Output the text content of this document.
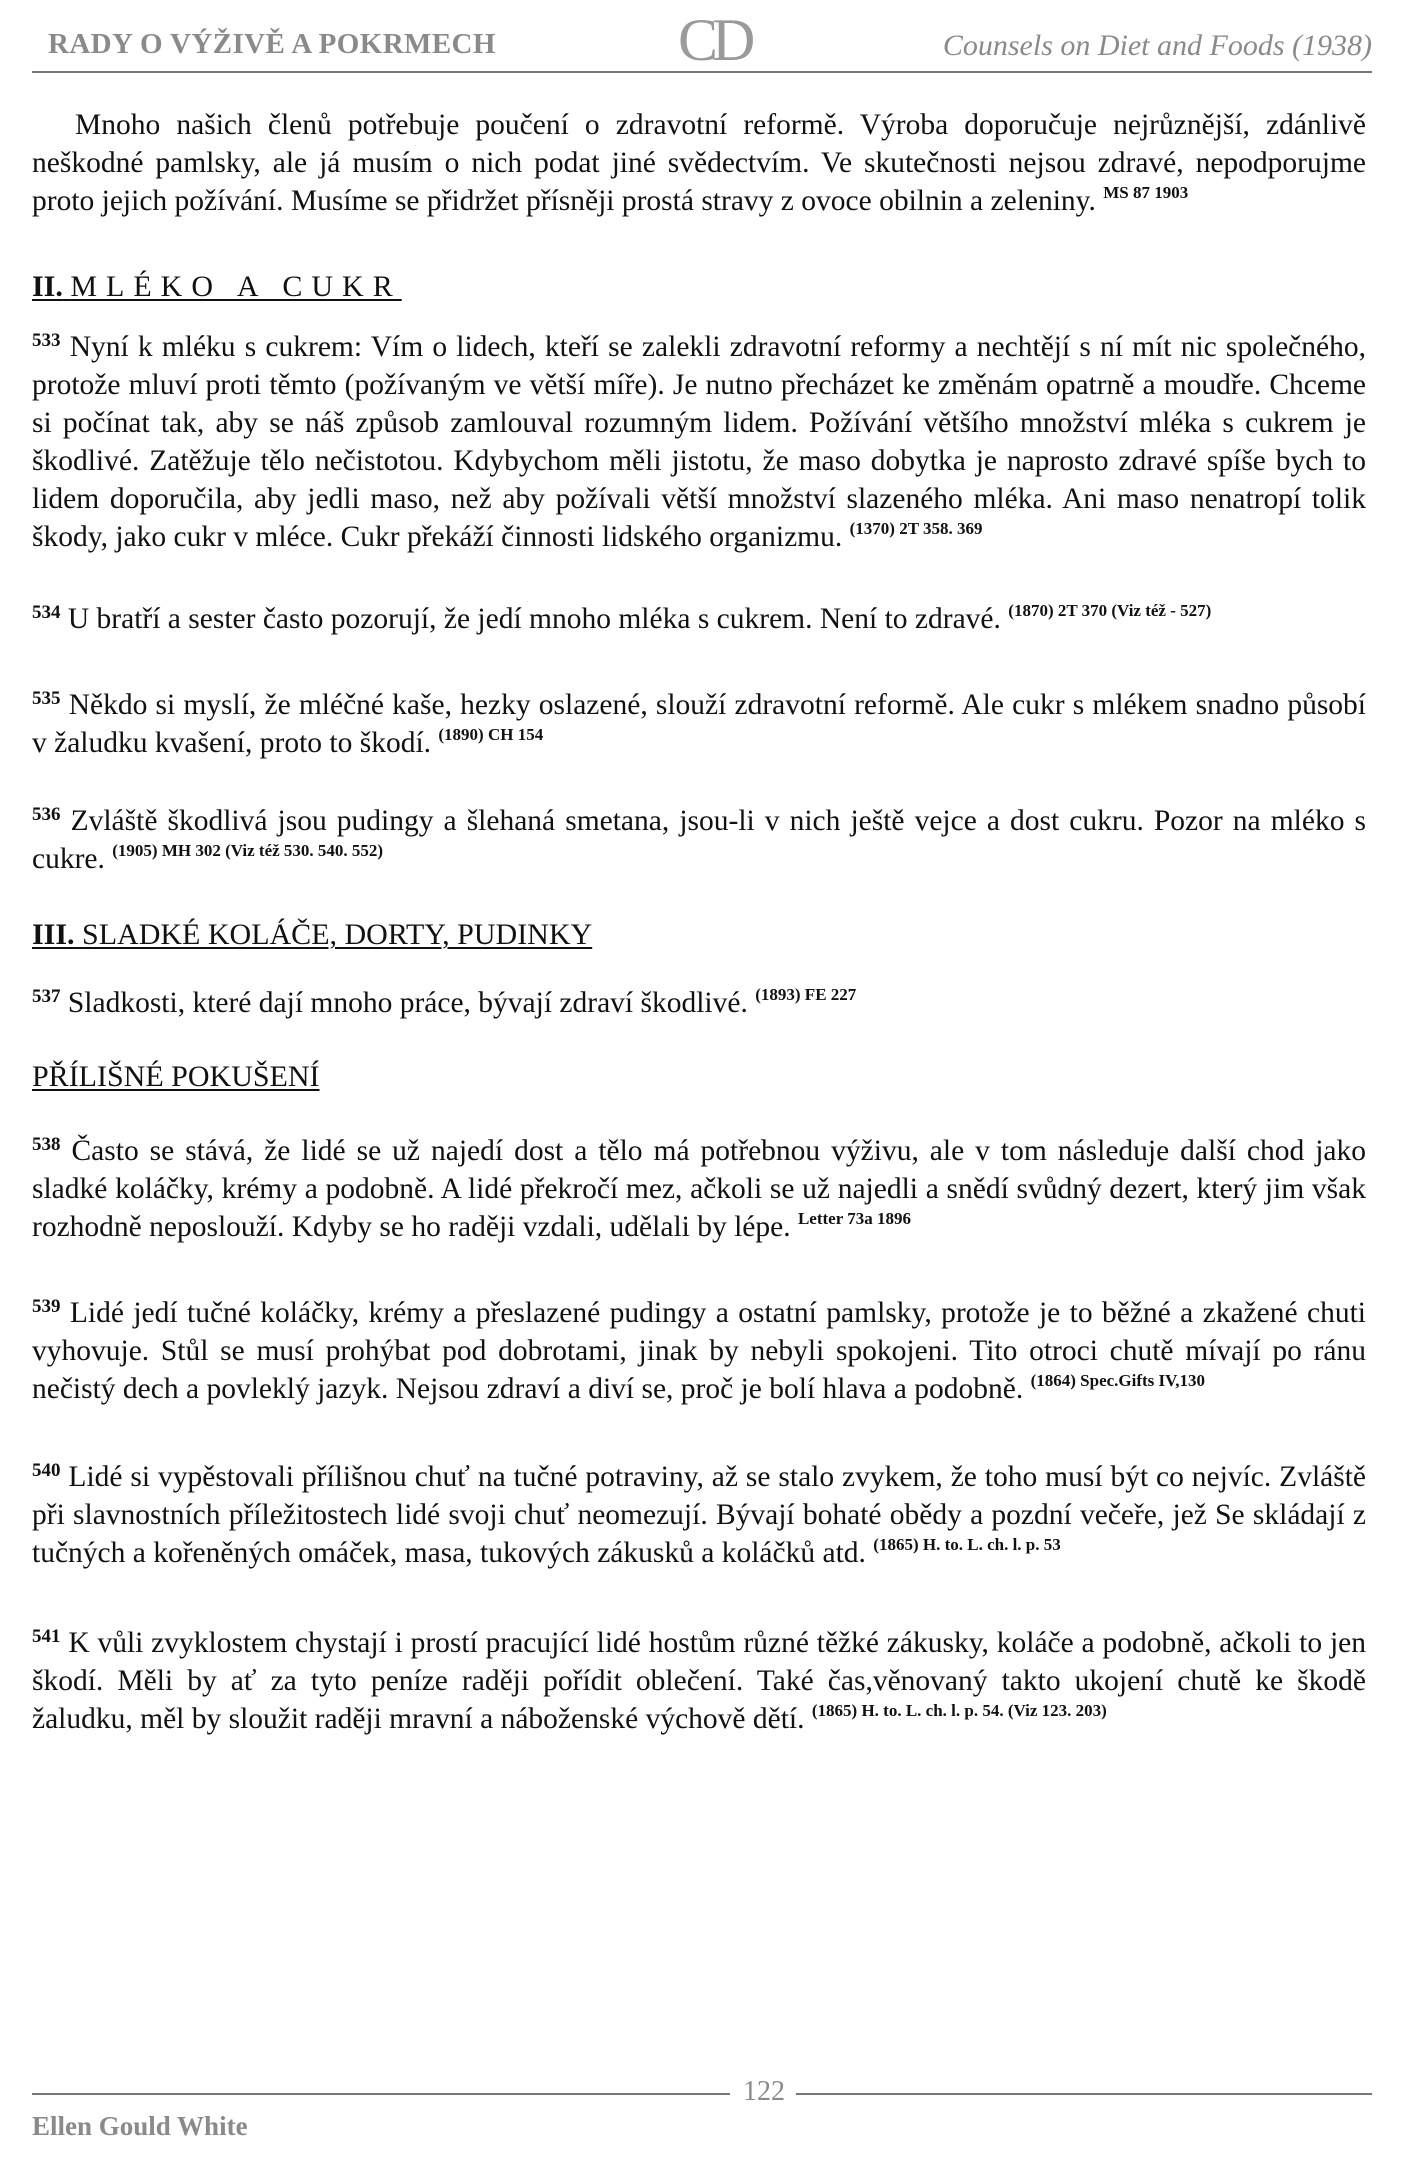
RADY O VÝŽIVĚ A POKRMECH	CD	Counsels on Diet and Foods (1938)

Mnoho našich členů potřebuje poučení o zdravotní reformě. Výroba doporučuje nejrůznější, zdánlivě neškodné pamlsky, ale já musím o nich podat jiné svědectvím. Ve skutečnosti nejsou zdravé, nepodporujme proto jejich požívání. Musíme se přidržet přísněji prostá stravy z ovoce obilnin a zeleniny. $^{MS 87 1903}$

II. MLÉKO A CUKR

$^{533}$ Nyní k mléku s cukrem: Vím o lidech, kteří se zalekli zdravotní reformy a nechtějí s ní mít nic společného, protože mluví proti těmto (požívaným ve větší míře). Je nutno přecházet ke změnám opatrně a moudře. Chceme si počínat tak, aby se náš způsob zamlouval rozumným lidem. Požívání většího množství mléka s cukrem je škodlivé. Zatěžuje tělo nečistotou. Kdybychom měli jistotu, že maso dobytka je naprosto zdravé spíše bych to lidem doporučila, aby jedli maso, než aby požívali větší množství slazeného mléka. Ani maso nenatropí tolik škody, jako cukr v mléce. Cukr překáží činnosti lidského organizmu. $^{(1370) 2T 358. 369}$

$^{534}$ U bratří a sester často pozorují, že jedí mnoho mléka s cukrem. Není to zdravé. $^{(1870) 2T 370 (Viz též - 527)}$

$^{535}$ Někdo si myslí, že mléčné kaše, hezky oslazené, slouží zdravotní reformě. Ale cukr s mlékem snadno působí v žaludku kvašení, proto to škodí. $^{(1890) CH 154}$

$^{536}$ Zvláště škodlivá jsou pudingy a šlehaná smetana, jsou-li v nich ještě vejce a dost cukru. Pozor na mléko s cukre. $^{(1905) MH 302 (Viz též 530. 540. 552)}$

III. SLADKÉ KOLÁČE, DORTY, PUDINKY

$^{537}$ Sladkosti, které dají mnoho práce, bývají zdraví škodlivé. $^{(1893) FE 227}$

PŘÍLIŠNÉ POKUŠENÍ

$^{538}$ Často se stává, že lidé se už najedí dost a tělo má potřebnou výživu, ale v tom následuje další chod jako sladké koláčky, krémy a podobně. A lidé překročí mez, ačkoli se už najedli a snědí svůdný dezert, který jim však rozhodně neposlouží. Kdyby se ho raději vzdali, udělali by lépe. $^{Letter 73a 1896}$

$^{539}$ Lidé jedí tučné koláčky, krémy a přeslazené pudingy a ostatní pamlsky, protože je to běžné a zkažené chuti vyhovuje. Stůl se musí prohýbat pod dobrotami, jinak by nebyli spokojeni. Tito otroci chutě mívají po ránu nečistý dech a povleklý jazyk. Nejsou zdraví a diví se, proč je bolí hlava a podobně. $^{(1864) Spec.Gifts IV,130}$

$^{540}$ Lidé si vypěstovali přílišnou chuť na tučné potraviny, až se stalo zvykem, že toho musí být co nejvíc. Zvláště při slavnostních příležitostech lidé svoji chuť neomezují. Bývají bohaté obědy a pozdní večeře, jež Se skládají z tučných a kořeněných omáček, masa, tukových zákusků a koláčků atd. $^{(1865) H. to. L. ch. l. p. 53}$

$^{541}$ K vůli zvyklostem chystají i prostí pracující lidé hostům různé těžké zákusky, koláče a podobně, ačkoli to jen škodí. Měli by ať za tyto peníze raději pořídit oblečení. Také čas,věnovaný takto ukojení chutě ke škodě žaludku, měl by sloužit raději mravní a náboženské výchově dětí. $^{(1865) H. to. L. ch. l. p. 54. (Viz 123. 203)}$

122
Ellen Gould White
